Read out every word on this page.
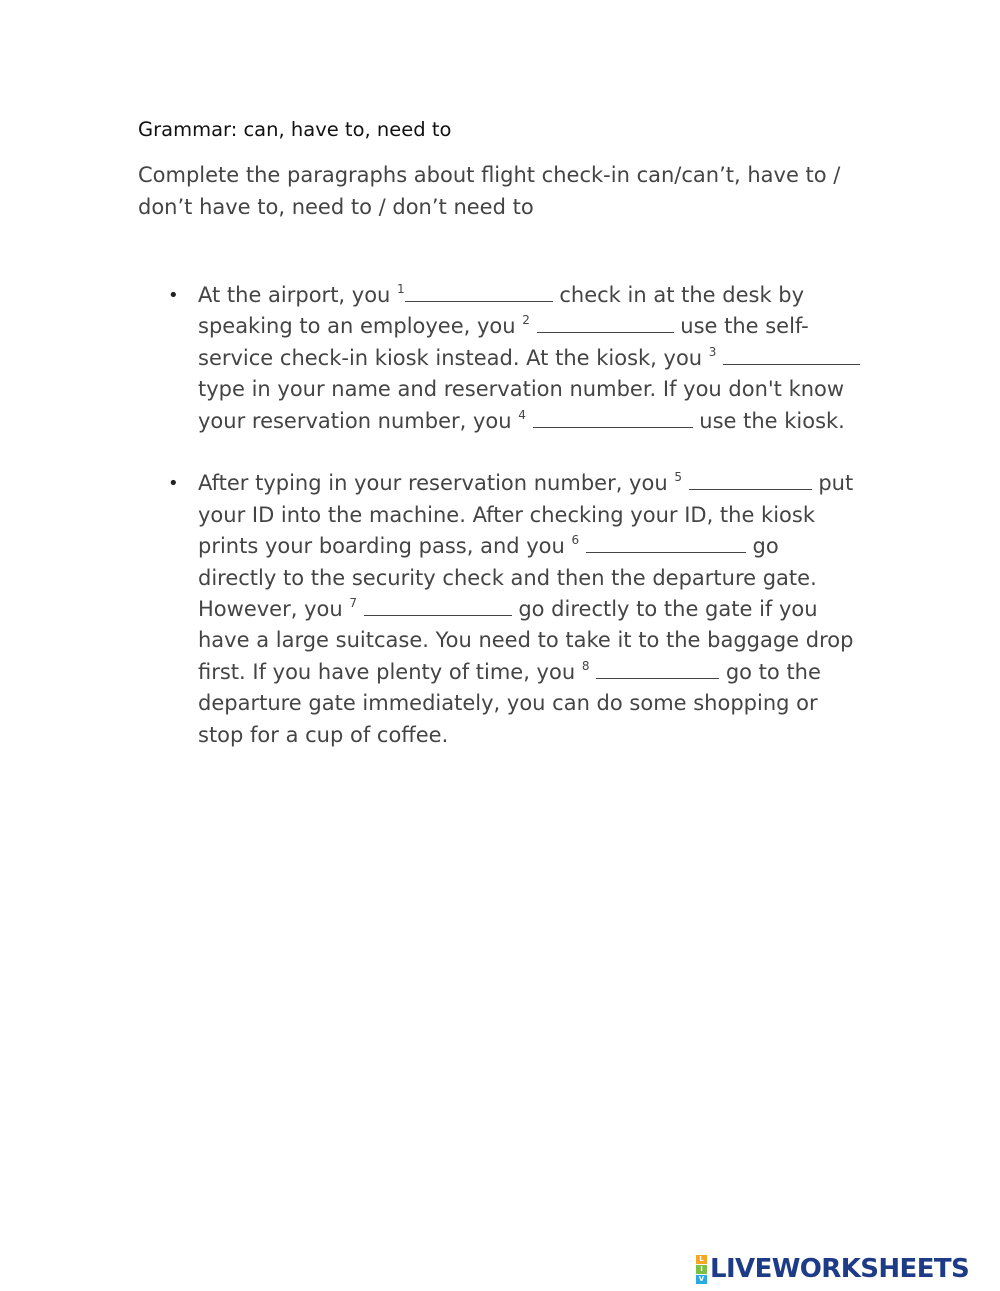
Grammar: can, have to, need to
Complete the paragraphs about flight check-in can/can’t, have to /
don’t have to, need to / don’t need to
• At the airport, you $^1$	check in at the desk by
speaking to an employee, you $^2$	use the self-
service check-in kiosk instead. At the kiosk, you $^3$
type in your name and reservation number. If you don't know
your reservation number, you $^4$	use the kiosk.
• After typing in your reservation number, you $^5$	put
your ID into the machine. After checking your ID, the kiosk
prints your boarding pass, and you $^6$	go
directly to the security check and then the departure gate.
However, you $^7$	go directly to the gate if you
have a large suitcase. You need to take it to the baggage drop
first. If you have plenty of time, you $^8$	go to the
departure gate immediately, you can do some shopping or
stop for a cup of coffee.
L
I
V LIVEWORKSHEETS
